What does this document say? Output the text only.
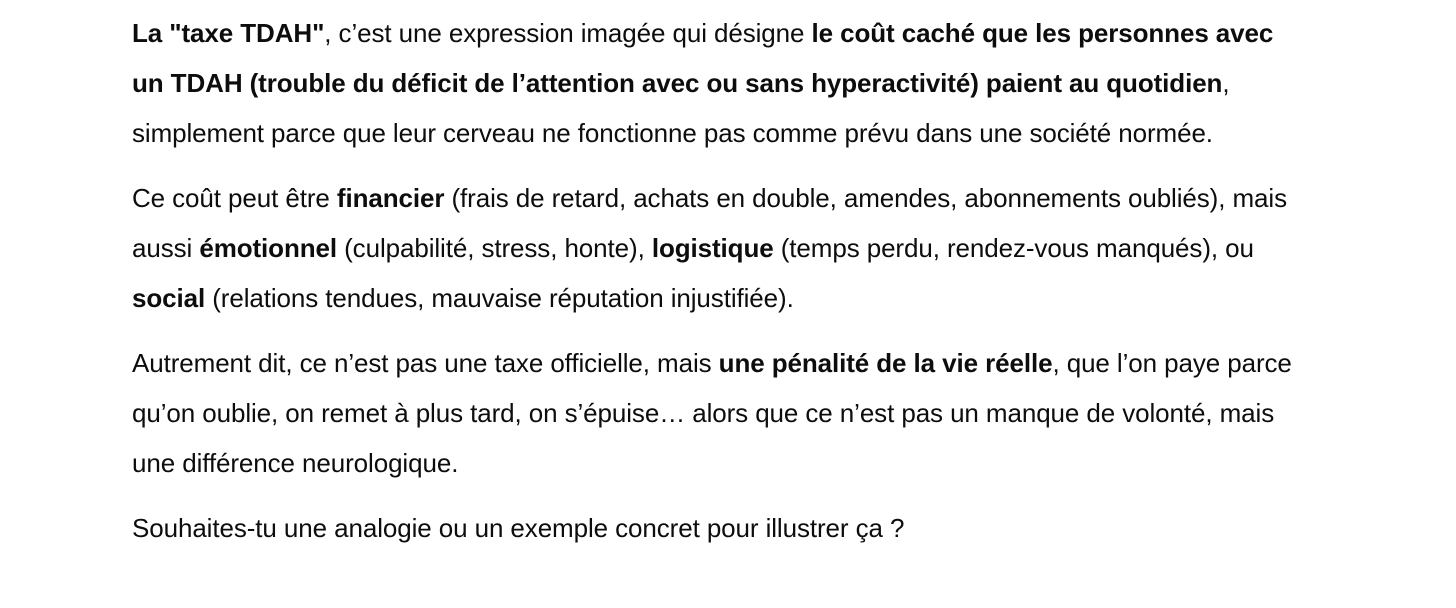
La "taxe TDAH", c’est une expression imagée qui désigne le coût caché que les personnes avec un TDAH (trouble du déficit de l’attention avec ou sans hyperactivité) paient au quotidien, simplement parce que leur cerveau ne fonctionne pas comme prévu dans une société normée.

Ce coût peut être financier (frais de retard, achats en double, amendes, abonnements oubliés), mais aussi émotionnel (culpabilité, stress, honte), logistique (temps perdu, rendez-vous manqués), ou social (relations tendues, mauvaise réputation injustifiée).

Autrement dit, ce n’est pas une taxe officielle, mais une pénalité de la vie réelle, que l’on paye parce qu’on oublie, on remet à plus tard, on s’épuise… alors que ce n’est pas un manque de volonté, mais une différence neurologique.

Souhaites-tu une analogie ou un exemple concret pour illustrer ça ?
